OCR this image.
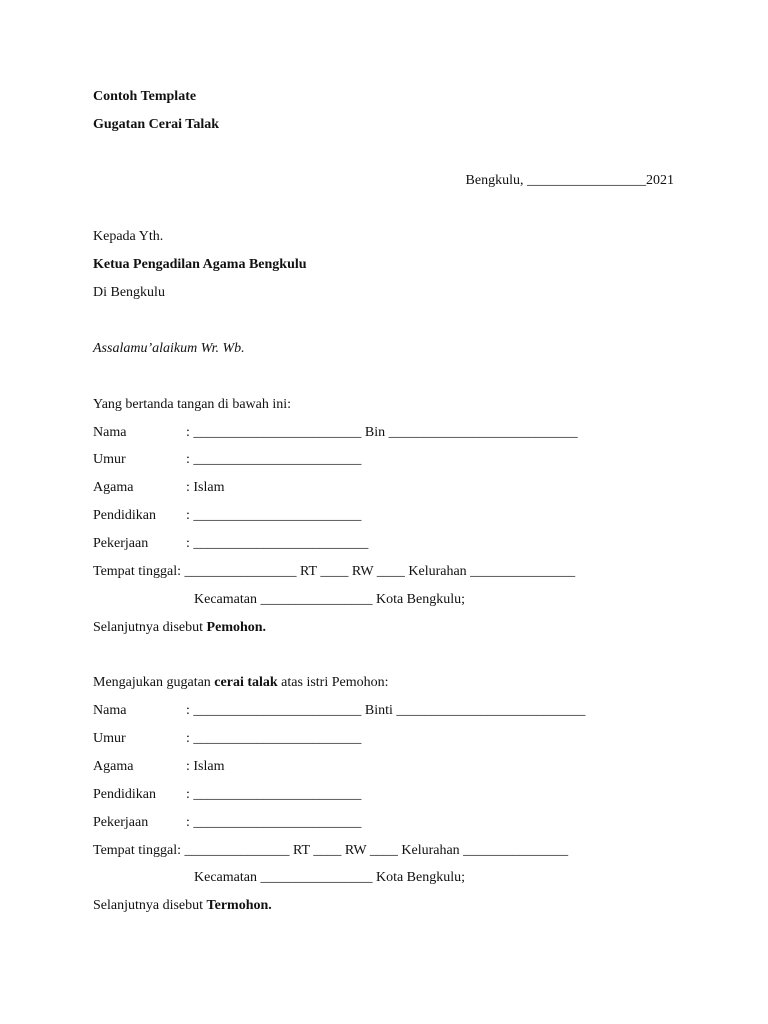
Contoh Template
Gugatan Cerai Talak
Bengkulu, _________________2021
Kepada Yth.
Ketua Pengadilan Agama Bengkulu
Di Bengkulu
Assalamu’alaikum Wr. Wb.
Yang bertanda tangan di bawah ini:
Nama	: ________________________ Bin ___________________________
Umur	: ________________________
Agama	: Islam
Pendidikan : ________________________
Pekerjaan	: _________________________
Tempat tinggal: ________________ RT ____ RW ____ Kelurahan _______________
Kecamatan ________________ Kota Bengkulu;
Selanjutnya disebut Pemohon.
Mengajukan gugatan cerai talak atas istri Pemohon:
Nama	: ________________________ Binti ___________________________
Umur	: ________________________
Agama	: Islam
Pendidikan : ________________________
Pekerjaan	: ________________________
Tempat tinggal: _______________ RT ____ RW ____ Kelurahan _______________
Kecamatan ________________ Kota Bengkulu;
Selanjutnya disebut Termohon.
